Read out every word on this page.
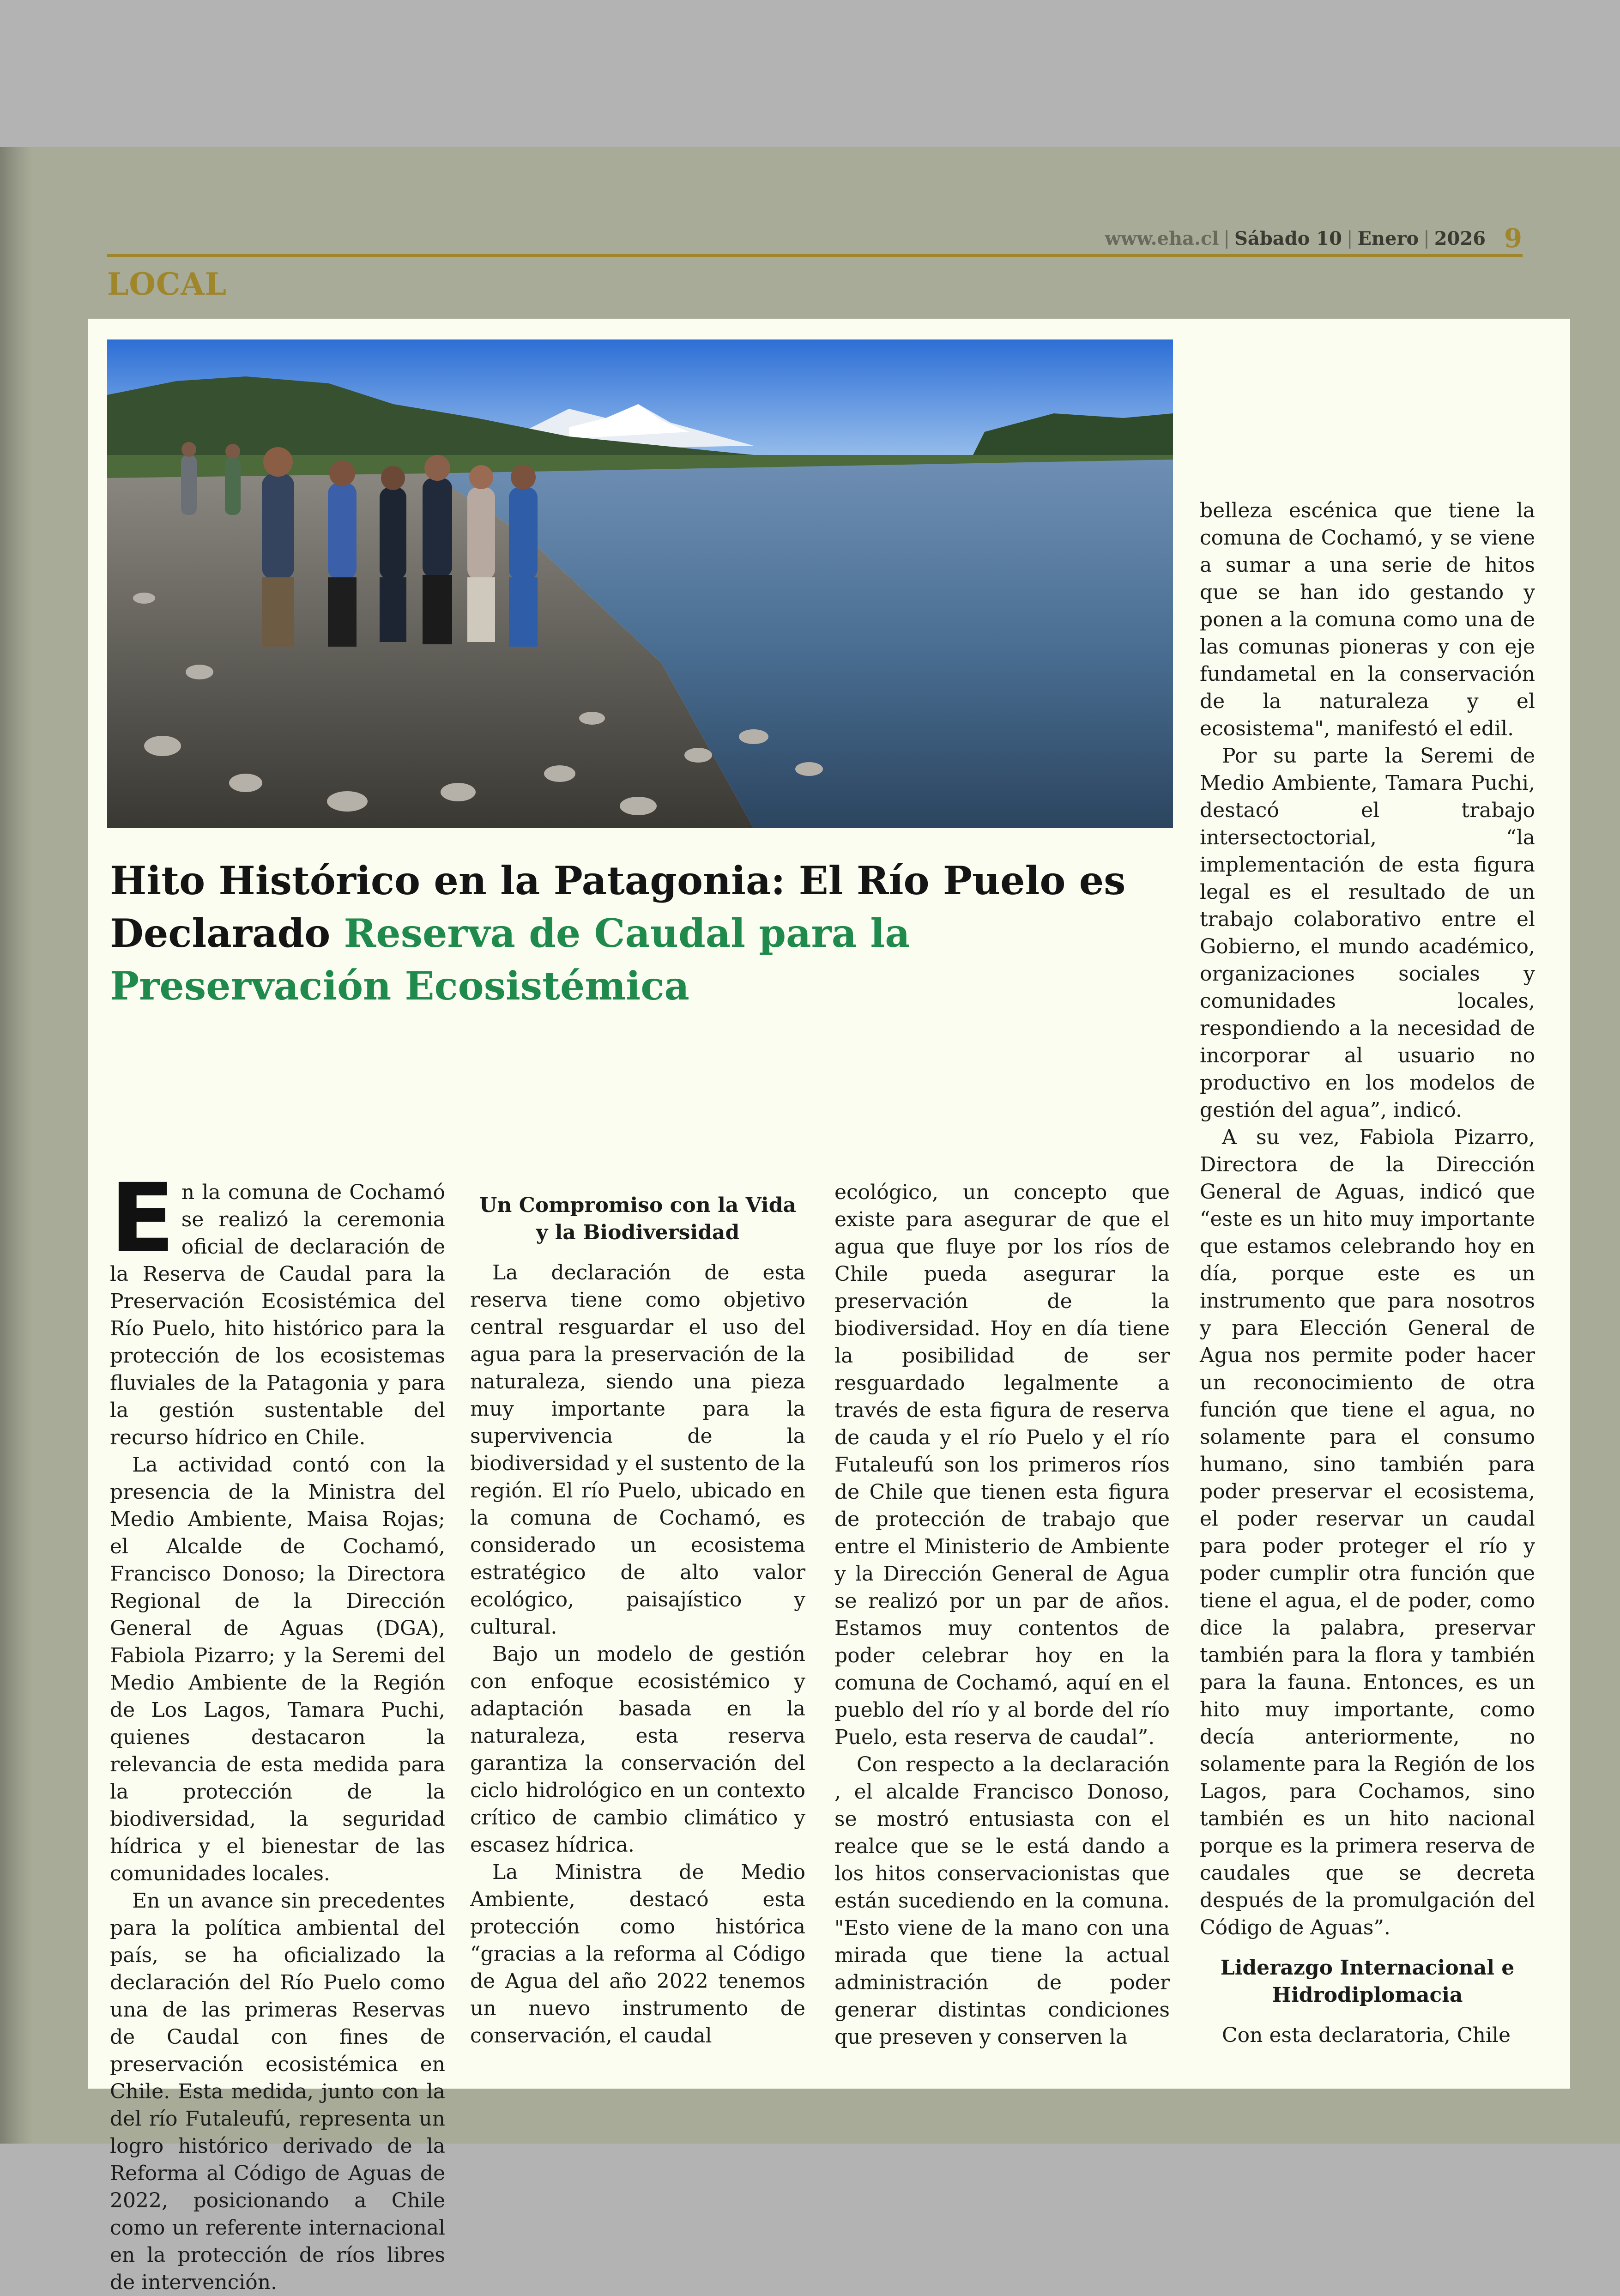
www.eha.cl | Sábado 10 | Enero | 2026 9
LOCAL
Hito Histórico en la Patagonia: El Río Puelo es Declarado Reserva de Caudal para la Preservación Ecosistémica

En la comuna de Cochamó se realizó la ceremonia oficial de declaración de la Reserva de Caudal para la Preservación Ecosistémica del Río Puelo, hito histórico para la protección de los ecosistemas fluviales de la Patagonia y para la gestión sustentable del recurso hídrico en Chile.

La actividad contó con la presencia de la Ministra del Medio Ambiente, Maisa Rojas; el Alcalde de Cochamó, Francisco Donoso; la Directora Regional de la Dirección General de Aguas (DGA), Fabiola Pizarro; y la Seremi del Medio Ambiente de la Región de Los Lagos, Tamara Puchi, quienes destacaron la relevancia de esta medida para la protección de la biodiversidad, la seguridad hídrica y el bienestar de las comunidades locales.

En un avance sin precedentes para la política ambiental del país, se ha oficializado la declaración del Río Puelo como una de las primeras Reservas de Caudal con fines de preservación ecosistémica en Chile. Esta medida, junto con la del río Futaleufú, representa un logro histórico derivado de la Reforma al Código de Aguas de 2022, posicionando a Chile como un referente internacional en la protección de ríos libres de intervención.

Un Compromiso con la Vida y la Biodiversidad

La declaración de esta reserva tiene como objetivo central resguardar el uso del agua para la preservación de la naturaleza, siendo una pieza muy importante para la supervivencia de la biodiversidad y el sustento de la región. El río Puelo, ubicado en la comuna de Cochamó, es considerado un ecosistema estratégico de alto valor ecológico, paisajístico y cultural.

Bajo un modelo de gestión con enfoque ecosistémico y adaptación basada en la naturaleza, esta reserva garantiza la conservación del ciclo hidrológico en un contexto crítico de cambio climático y escasez hídrica.

La Ministra de Medio Ambiente, destacó esta protección como histórica “gracias a la reforma al Código de Agua del año 2022 tenemos un nuevo instrumento de conservación, el caudal

ecológico, un concepto que existe para asegurar de que el agua que fluye por los ríos de Chile pueda asegurar la preservación de la biodiversidad. Hoy en día tiene la posibilidad de ser resguardado legalmente a través de esta figura de reserva de cauda y el río Puelo y el río Futaleufú son los primeros ríos de Chile que tienen esta figura de protección de trabajo que entre el Ministerio de Ambiente y la Dirección General de Agua se realizó por un par de años. Estamos muy contentos de poder celebrar hoy en la comuna de Cochamó, aquí en el pueblo del río y al borde del río Puelo, esta reserva de caudal”.

Con respecto a la declaración , el alcalde Francisco Donoso, se mostró entusiasta con el realce que se le está dando a los hitos conservacionistas que están sucediendo en la comuna. "Esto viene de la mano con una mirada que tiene la actual administración de poder generar distintas condiciones que preseven y conserven la

belleza escénica que tiene la comuna de Cochamó, y se viene a sumar a una serie de hitos que se han ido gestando y ponen a la comuna como una de las comunas pioneras y con eje fundametal en la conservación de la naturaleza y el ecosistema", manifestó el edil.

Por su parte la Seremi de Medio Ambiente, Tamara Puchi, destacó el trabajo intersectoctorial, “la implementación de esta figura legal es el resultado de un trabajo colaborativo entre el Gobierno, el mundo académico, organizaciones sociales y comunidades locales, respondiendo a la necesidad de incorporar al usuario no productivo en los modelos de gestión del agua”, indicó.

A su vez, Fabiola Pizarro, Directora de la Dirección General de Aguas, indicó que “este es un hito muy importante que estamos celebrando hoy en día, porque este es un instrumento que para nosotros y para Elección General de Agua nos permite poder hacer un reconocimiento de otra función que tiene el agua, no solamente para el consumo humano, sino también para poder preservar el ecosistema, el poder reservar un caudal para poder proteger el río y poder cumplir otra función que tiene el agua, el de poder, como dice la palabra, preservar también para la flora y también para la fauna. Entonces, es un hito muy importante, como decía anteriormente, no solamente para la Región de los Lagos, para Cochamos, sino también es un hito nacional porque es la primera reserva de caudales que se decreta después de la promulgación del Código de Aguas”.

Liderazgo Internacional e Hidrodiplomacia

Con esta declaratoria, Chile
